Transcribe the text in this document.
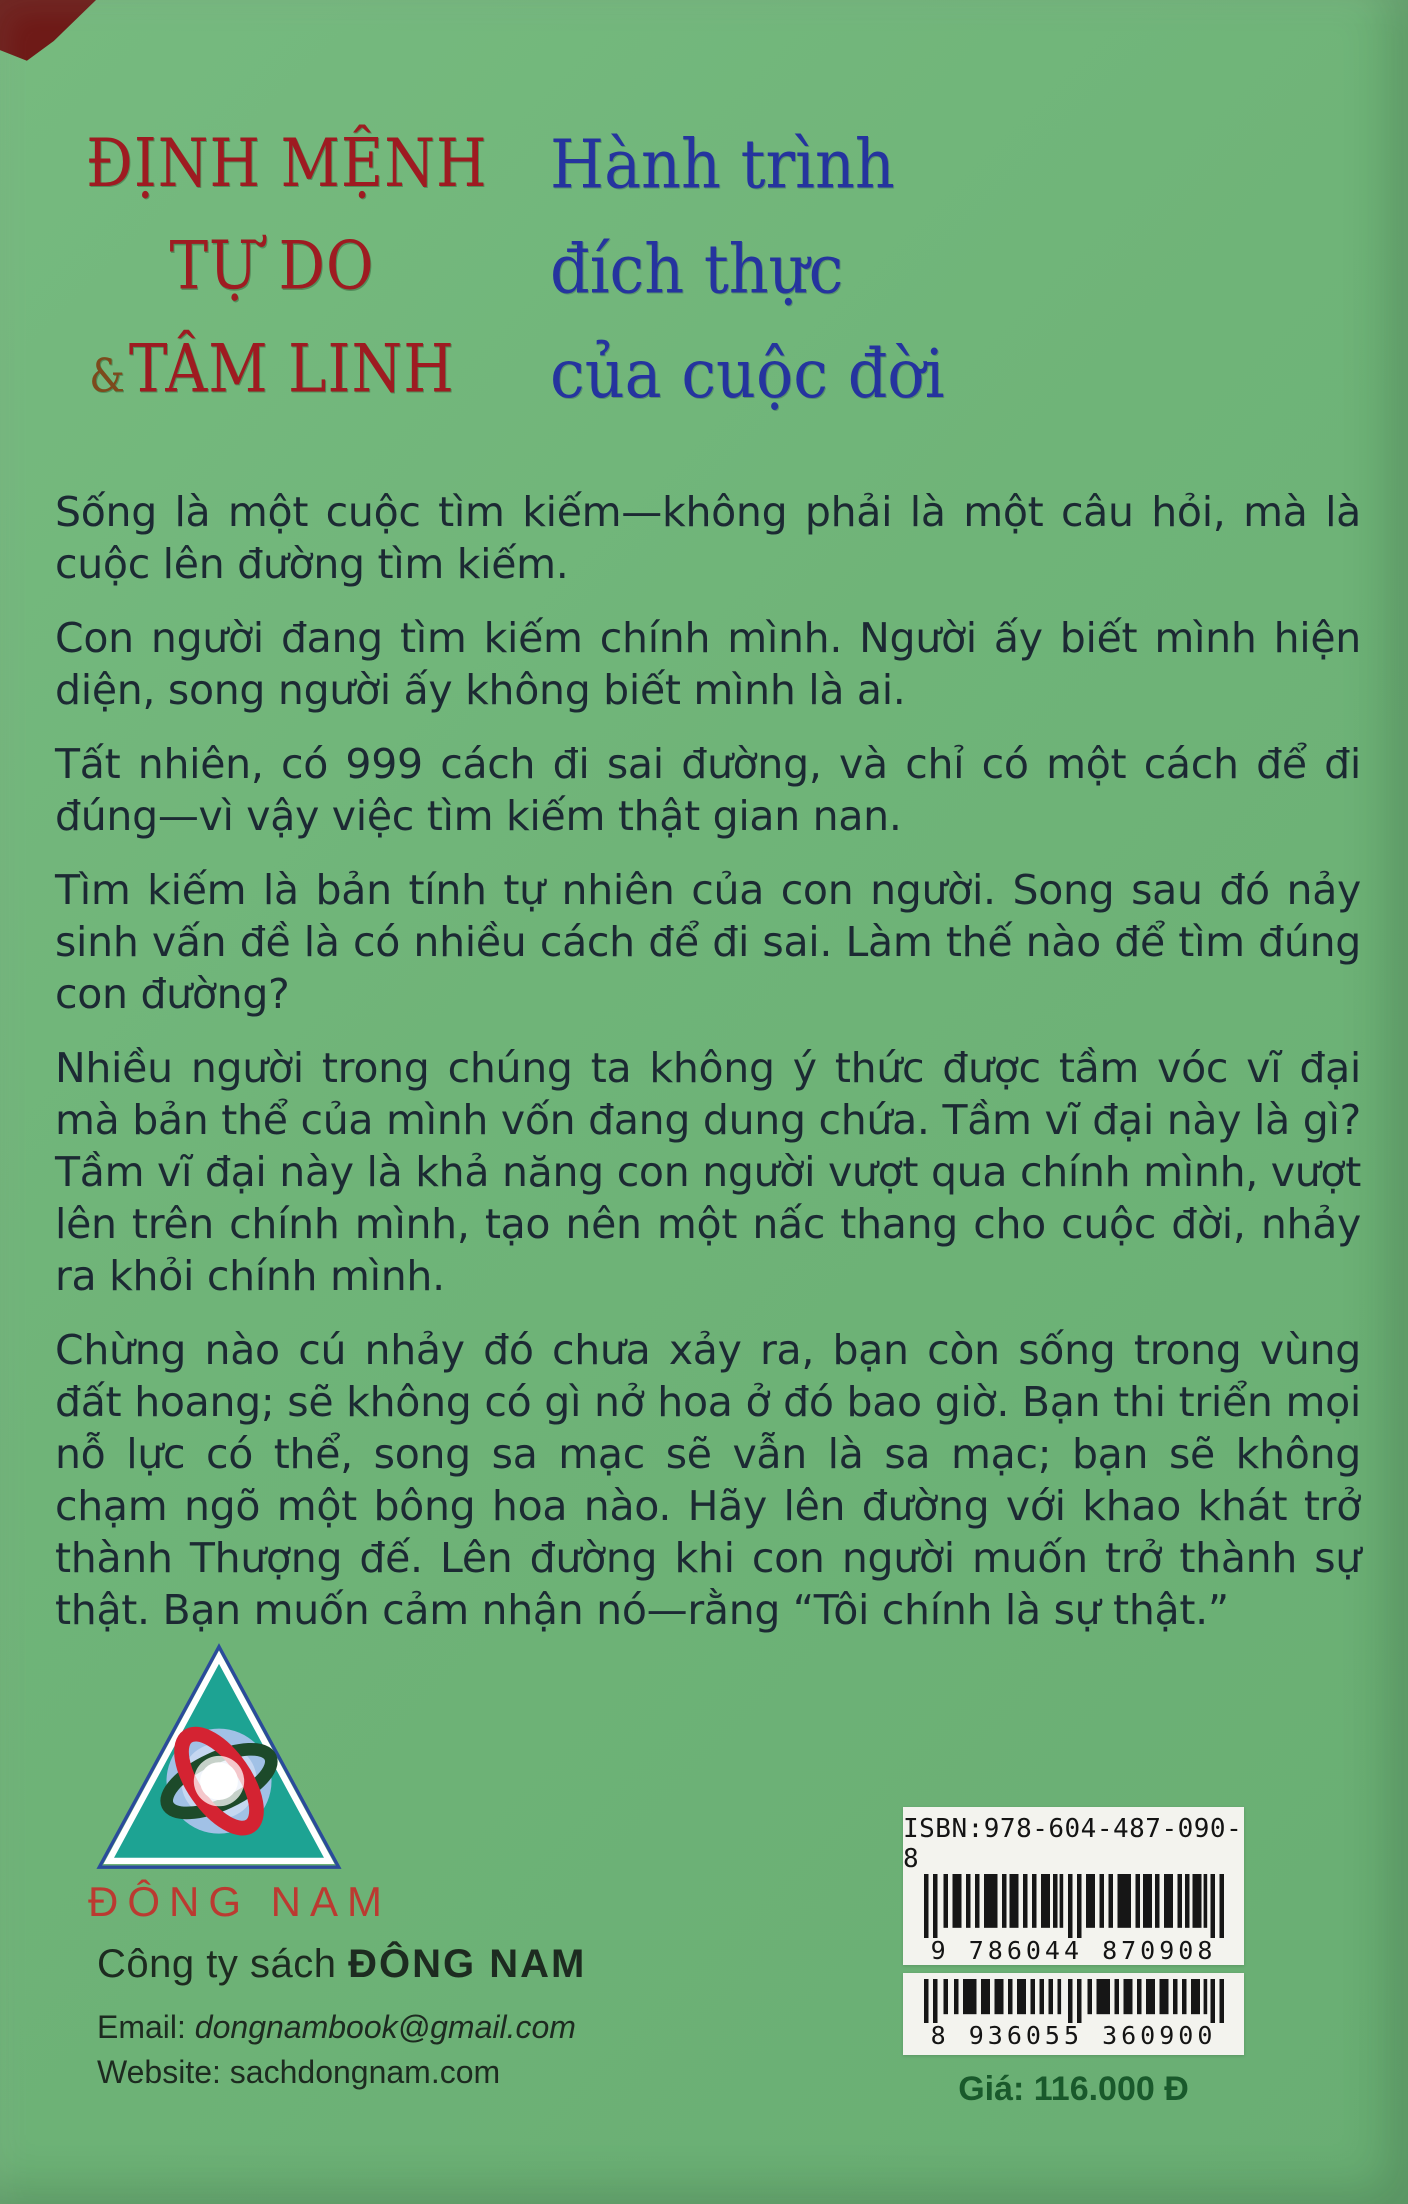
ĐỊNH MỆNH
TỰ DO
&TÂM LINH
Hành trình
đích thực
của cuộc đời

Sống là một cuộc tìm kiếm—không phải là một câu hỏi, mà là cuộc lên đường tìm kiếm.

Con người đang tìm kiếm chính mình. Người ấy biết mình hiện diện, song người ấy không biết mình là ai.

Tất nhiên, có 999 cách đi sai đường, và chỉ có một cách để đi đúng—vì vậy việc tìm kiếm thật gian nan.

Tìm kiếm là bản tính tự nhiên của con người. Song sau đó nảy sinh vấn đề là có nhiều cách để đi sai. Làm thế nào để tìm đúng con đường?

Nhiều người trong chúng ta không ý thức được tầm vóc vĩ đại mà bản thể của mình vốn đang dung chứa. Tầm vĩ đại này là gì? Tầm vĩ đại này là khả năng con người vượt qua chính mình, vượt lên trên chính mình, tạo nên một nấc thang cho cuộc đời, nhảy ra khỏi chính mình.

Chừng nào cú nhảy đó chưa xảy ra, bạn còn sống trong vùng đất hoang; sẽ không có gì nở hoa ở đó bao giờ. Bạn thi triển mọi nỗ lực có thể, song sa mạc sẽ vẫn là sa mạc; bạn sẽ không chạm ngõ một bông hoa nào. Hãy lên đường với khao khát trở thành Thượng đế. Lên đường khi con người muốn trở thành sự thật. Bạn muốn cảm nhận nó—rằng “Tôi chính là sự thật.”

ĐÔNG NAM
Công ty sách ĐÔNG NAM
Email: dongnambook@gmail.com
Website: sachdongnam.com
ISBN:978-604-487-090-8
9 786044 870908
8 936055 360900
Giá: 116.000 Đ
